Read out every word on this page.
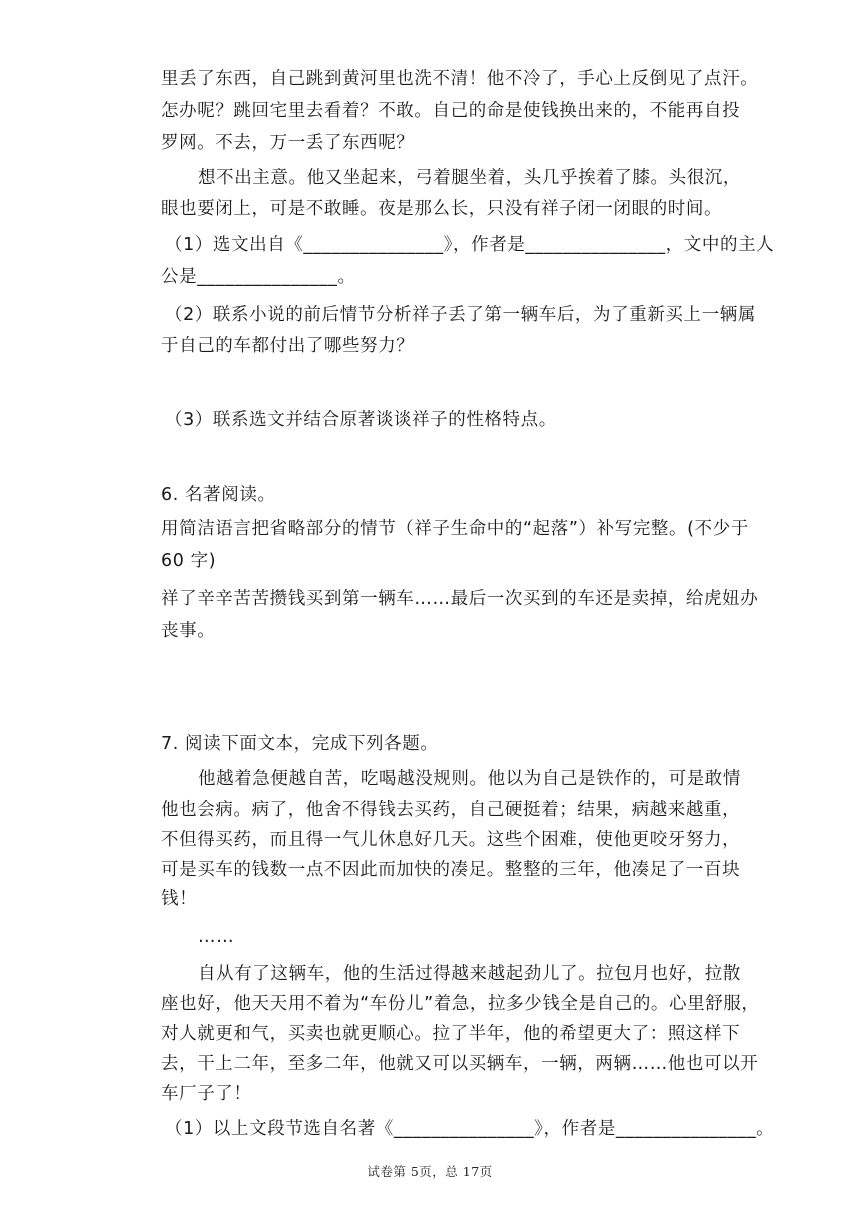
里丢了东西，自己跳到黄河里也洗不清！他不冷了，手心上反倒见了点汗。
怎办呢？跳回宅里去看着？不敢。自己的命是使钱换出来的，不能再自投
罗网。不去，万一丢了东西呢？
想不出主意。他又坐起来，弓着腿坐着，头几乎挨着了膝。头很沉，
眼也要闭上，可是不敢睡。夜是那么长，只没有祥子闭一闭眼的时间。
（1）选文出自《_______________》，作者是_______________，文中的主人
公是_______________。
（2）联系小说的前后情节分析祥子丢了第一辆车后，为了重新买上一辆属
于自己的车都付出了哪些努力？
（3）联系选文并结合原著谈谈祥子的性格特点。
6. 名著阅读。
用简洁语言把省略部分的情节（祥子生命中的“起落”）补写完整。(不少于
60 字)
祥了辛辛苦苦攒钱买到第一辆车……最后一次买到的车还是卖掉，给虎妞办
丧事。
7. 阅读下面文本，完成下列各题。
他越着急便越自苦，吃喝越没规则。他以为自己是铁作的，可是敢情
他也会病。病了，他舍不得钱去买药，自己硬挺着；结果，病越来越重，
不但得买药，而且得一气儿休息好几天。这些个困难，使他更咬牙努力，
可是买车的钱数一点不因此而加快的凑足。整整的三年，他凑足了一百块
钱！
……
自从有了这辆车，他的生活过得越来越起劲儿了。拉包月也好，拉散
座也好，他天天用不着为“车份儿”着急，拉多少钱全是自己的。心里舒服，
对人就更和气，买卖也就更顺心。拉了半年，他的希望更大了：照这样下
去，干上二年，至多二年，他就又可以买辆车，一辆，两辆……他也可以开
车厂子了！
（1）以上文段节选自名著《_______________》，作者是_______________。
试卷第 5页，总 17页
